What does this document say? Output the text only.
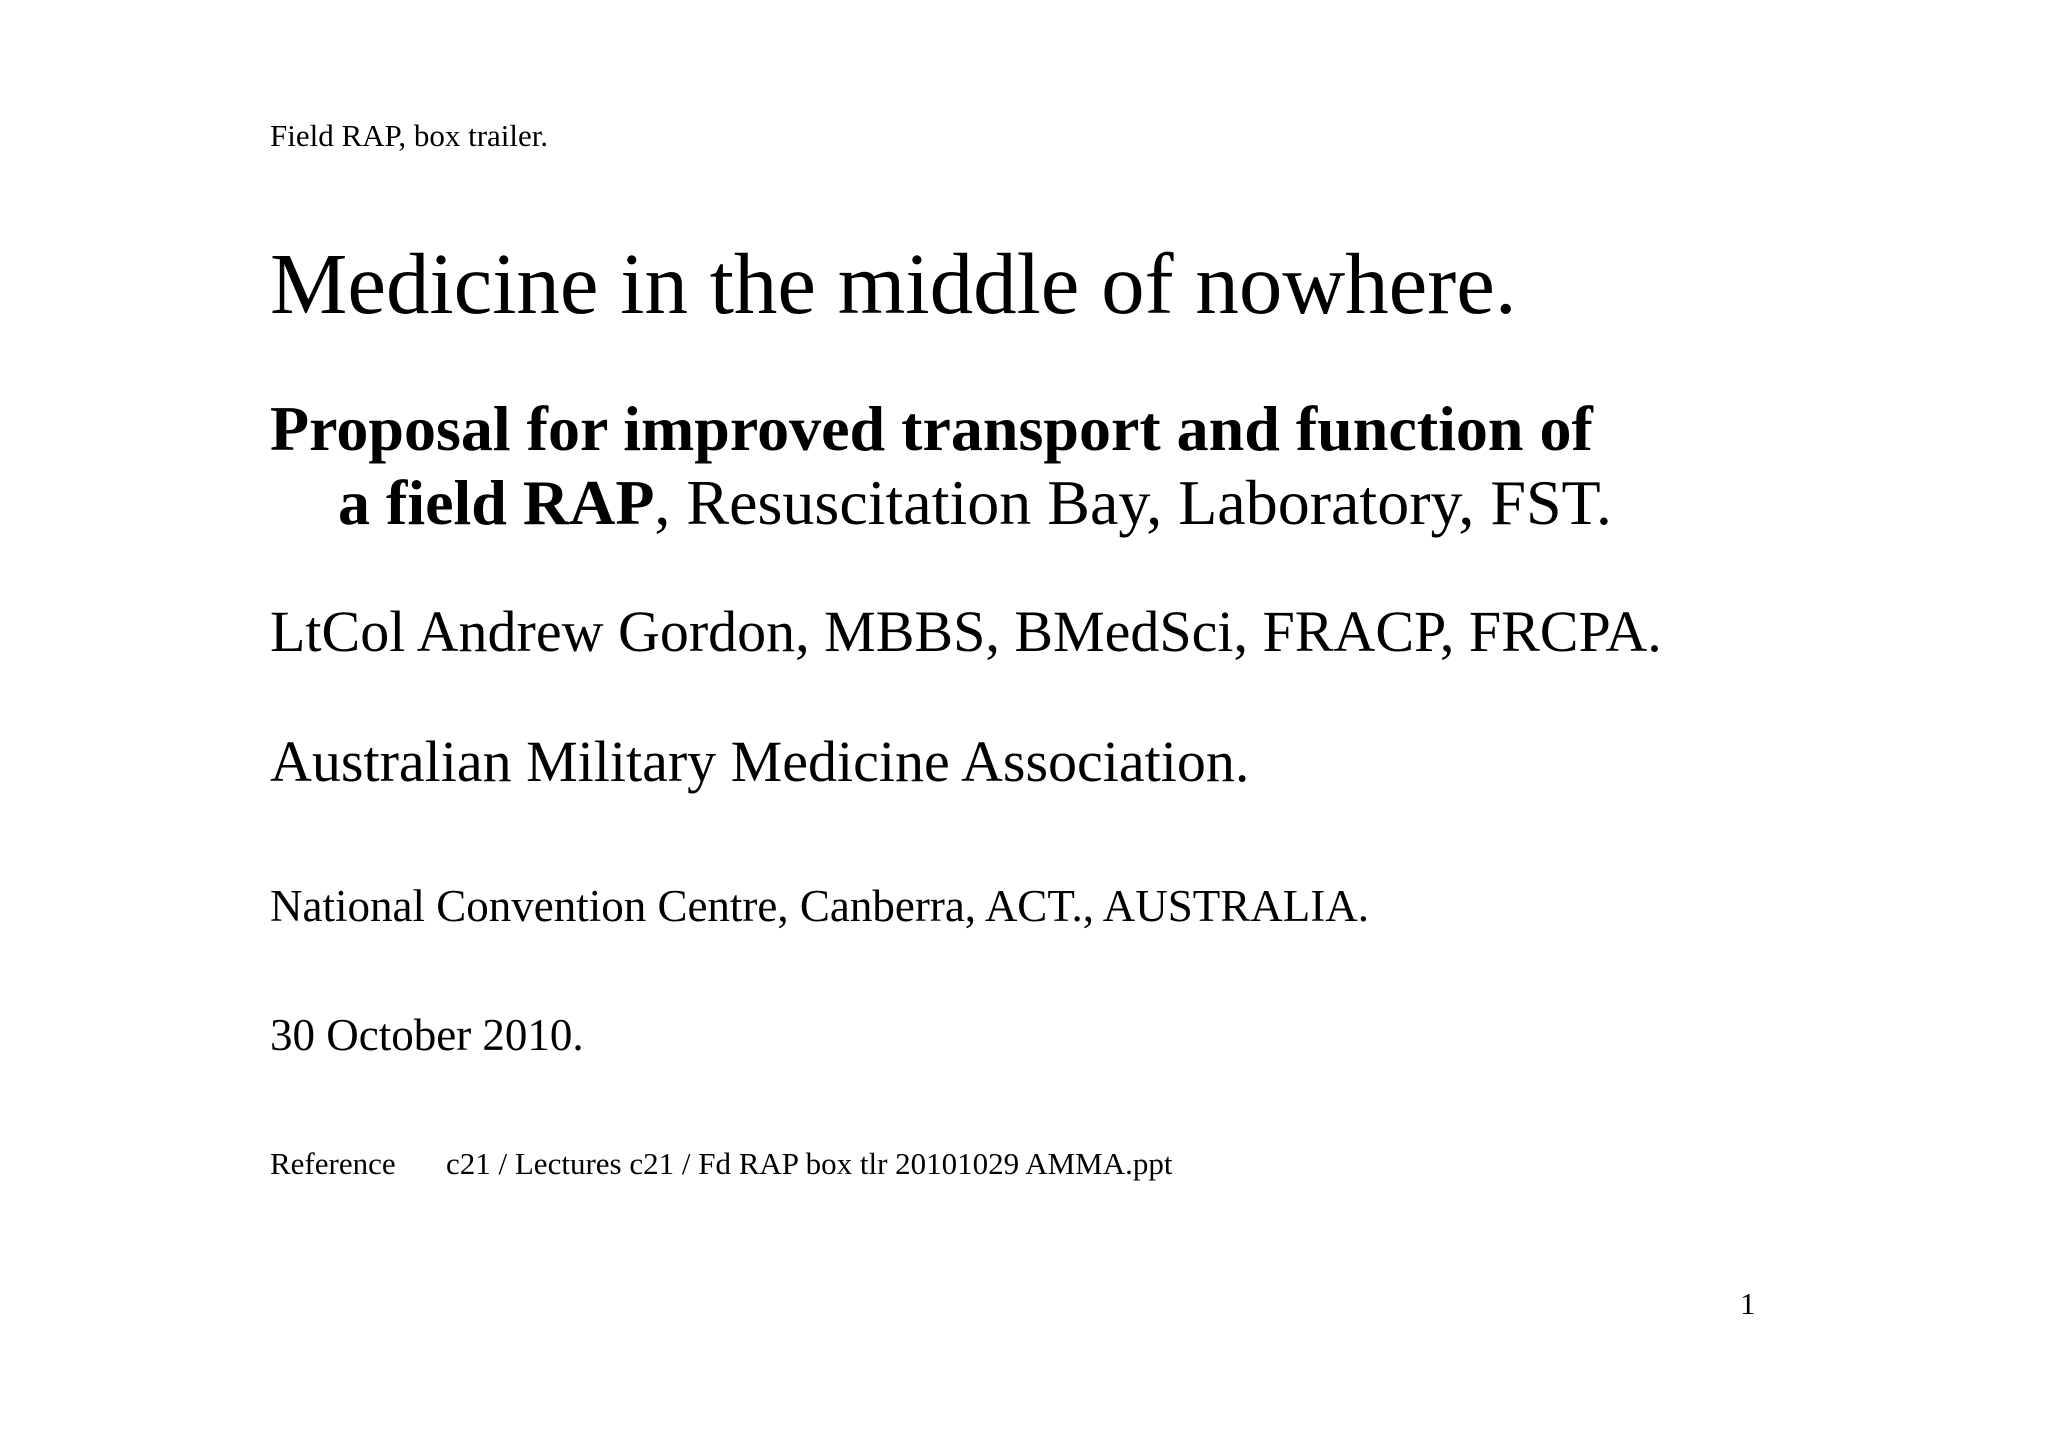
Field RAP, box trailer.
Medicine in the middle of nowhere.
Proposal for improved transport and function of
a field RAP, Resuscitation Bay, Laboratory, FST.
LtCol Andrew Gordon, MBBS, BMedSci, FRACP, FRCPA.
Australian Military Medicine Association.
National Convention Centre, Canberra, ACT., AUSTRALIA.
30 October 2010.
Reference c21 / Lectures c21 / Fd RAP box tlr 20101029 AMMA.ppt
1
